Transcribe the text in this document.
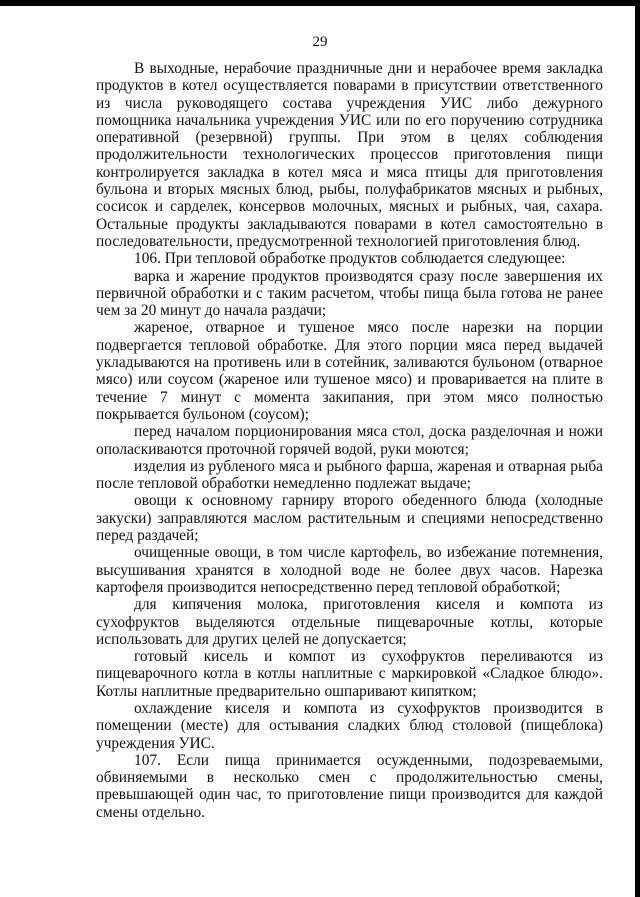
29

В выходные, нерабочие праздничные дни и нерабочее время закладка продуктов в котел осуществляется поварами в присутствии ответственного из числа руководящего состава учреждения УИС либо дежурного помощника начальника учреждения УИС или по его поручению сотрудника оперативной (резервной) группы. При этом в целях соблюдения продолжительности технологических процессов приготовления пищи контролируется закладка в котел мяса и мяса птицы для приготовления бульона и вторых мясных блюд, рыбы, полуфабрикатов мясных и рыбных, сосисок и сарделек, консервов молочных, мясных и рыбных, чая, сахара. Остальные продукты закладываются поварами в котел самостоятельно в последовательности, предусмотренной технологией приготовления блюд.

106. При тепловой обработке продуктов соблюдается следующее:

варка и жарение продуктов производятся сразу после завершения их первичной обработки и с таким расчетом, чтобы пища была готова не ранее чем за 20 минут до начала раздачи;

жареное, отварное и тушеное мясо после нарезки на порции подвергается тепловой обработке. Для этого порции мяса перед выдачей укладываются на противень или в сотейник, заливаются бульоном (отварное мясо) или соусом (жареное или тушеное мясо) и проваривается на плите в течение 7 минут с момента закипания, при этом мясо полностью покрывается бульоном (соусом);

перед началом порционирования мяса стол, доска разделочная и ножи ополаскиваются проточной горячей водой, руки моются;

изделия из рубленого мяса и рыбного фарша, жареная и отварная рыба после тепловой обработки немедленно подлежат выдаче;

овощи к основному гарниру второго обеденного блюда (холодные закуски) заправляются маслом растительным и специями непосредственно перед раздачей;

очищенные овощи, в том числе картофель, во избежание потемнения, высушивания хранятся в холодной воде не более двух часов. Нарезка картофеля производится непосредственно перед тепловой обработкой;

для кипячения молока, приготовления киселя и компота из сухофруктов выделяются отдельные пищеварочные котлы, которые использовать для других целей не допускается;

готовый кисель и компот из сухофруктов переливаются из пищеварочного котла в котлы наплитные с маркировкой «Сладкое блюдо». Котлы наплитные предварительно ошпаривают кипятком;

охлаждение киселя и компота из сухофруктов производится в помещении (месте) для остывания сладких блюд столовой (пищеблока) учреждения УИС.

107. Если пища принимается осужденными, подозреваемыми, обвиняемыми в несколько смен с продолжительностью смены, превышающей один час, то приготовление пищи производится для каждой смены отдельно.
